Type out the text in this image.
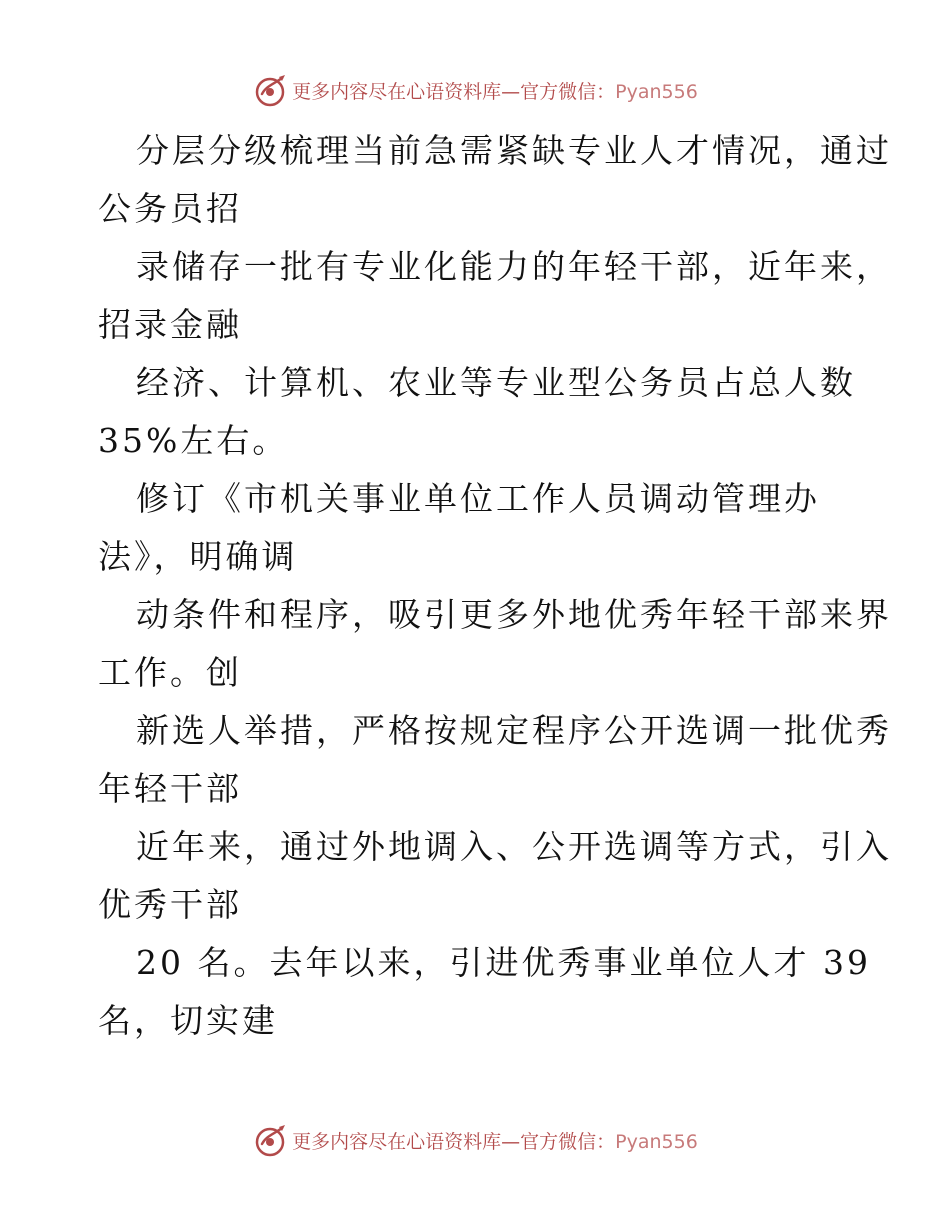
更多内容尽在心语资料库—官方微信：Pyan556

分层分级梳理当前急需紧缺专业人才情况，通过
公务员招

录储存一批有专业化能力的年轻干部，近年来，
招录金融

经济、计算机、农业等专业型公务员占总人数
35%左右。

修订《市机关事业单位工作人员调动管理办
法》，明确调

动条件和程序，吸引更多外地优秀年轻干部来界
工作。创

新选人举措，严格按规定程序公开选调一批优秀
年轻干部

近年来，通过外地调入、公开选调等方式，引入
优秀干部

20 名。去年以来，引进优秀事业单位人才 39
名，切实建

更多内容尽在心语资料库—官方微信：Pyan556
